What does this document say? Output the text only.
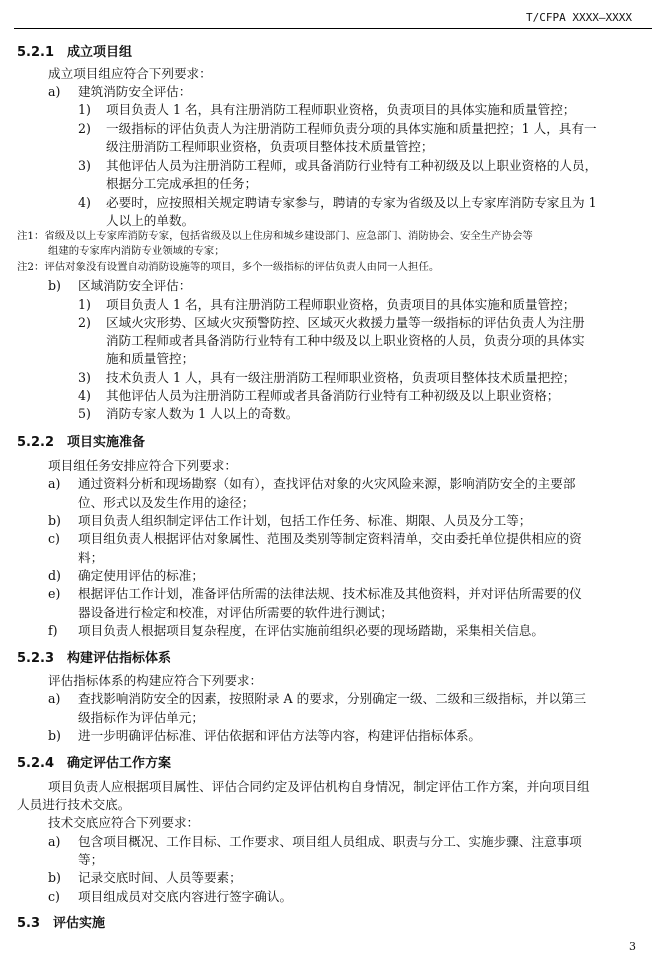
T/CFPA XXXX—XXXX
5.2.1 成立项目组
成立项目组应符合下列要求：
a) 建筑消防安全评估：
1) 项目负责人 1 名，具有注册消防工程师职业资格，负责项目的具体实施和质量管控；
2) 一级指标的评估负责人为注册消防工程师负责分项的具体实施和质量把控；1 人，具有一
级注册消防工程师职业资格，负责项目整体技术质量管控；
3) 其他评估人员为注册消防工程师，或具备消防行业特有工种初级及以上职业资格的人员，
根据分工完成承担的任务；
4) 必要时，应按照相关规定聘请专家参与，聘请的专家为省级及以上专家库消防专家且为 1
人以上的单数。
注1：省级及以上专家库消防专家，包括省级及以上住房和城乡建设部门、应急部门、消防协会、安全生产协会等
组建的专家库内消防专业领域的专家；
注2：评估对象没有设置自动消防设施等的项目，多个一级指标的评估负责人由同一人担任。
b) 区域消防安全评估：
1) 项目负责人 1 名，具有注册消防工程师职业资格，负责项目的具体实施和质量管控；
2) 区域火灾形势、区域火灾预警防控、区域灭火救援力量等一级指标的评估负责人为注册
消防工程师或者具备消防行业特有工种中级及以上职业资格的人员，负责分项的具体实
施和质量管控；
3) 技术负责人 1 人，具有一级注册消防工程师职业资格，负责项目整体技术质量把控；
4) 其他评估人员为注册消防工程师或者具备消防行业特有工种初级及以上职业资格；
5) 消防专家人数为 1 人以上的奇数。
5.2.2 项目实施准备
项目组任务安排应符合下列要求：
a) 通过资料分析和现场勘察（如有），查找评估对象的火灾风险来源，影响消防安全的主要部
位、形式以及发生作用的途径；
b) 项目负责人组织制定评估工作计划，包括工作任务、标准、期限、人员及分工等；
c) 项目组负责人根据评估对象属性、范围及类别等制定资料清单，交由委托单位提供相应的资
料；
d) 确定使用评估的标准；
e) 根据评估工作计划，准备评估所需的法律法规、技术标准及其他资料，并对评估所需要的仪
器设备进行检定和校准，对评估所需要的软件进行测试；
f) 项目负责人根据项目复杂程度，在评估实施前组织必要的现场踏勘，采集相关信息。
5.2.3 构建评估指标体系
评估指标体系的构建应符合下列要求：
a) 查找影响消防安全的因素，按照附录 A 的要求，分别确定一级、二级和三级指标，并以第三
级指标作为评估单元；
b) 进一步明确评估标准、评估依据和评估方法等内容，构建评估指标体系。
5.2.4 确定评估工作方案
项目负责人应根据项目属性、评估合同约定及评估机构自身情况，制定评估工作方案，并向项目组
人员进行技术交底。
技术交底应符合下列要求：
a) 包含项目概况、工作目标、工作要求、项目组人员组成、职责与分工、实施步骤、注意事项
等；
b) 记录交底时间、人员等要素；
c) 项目组成员对交底内容进行签字确认。
5.3 评估实施
3
